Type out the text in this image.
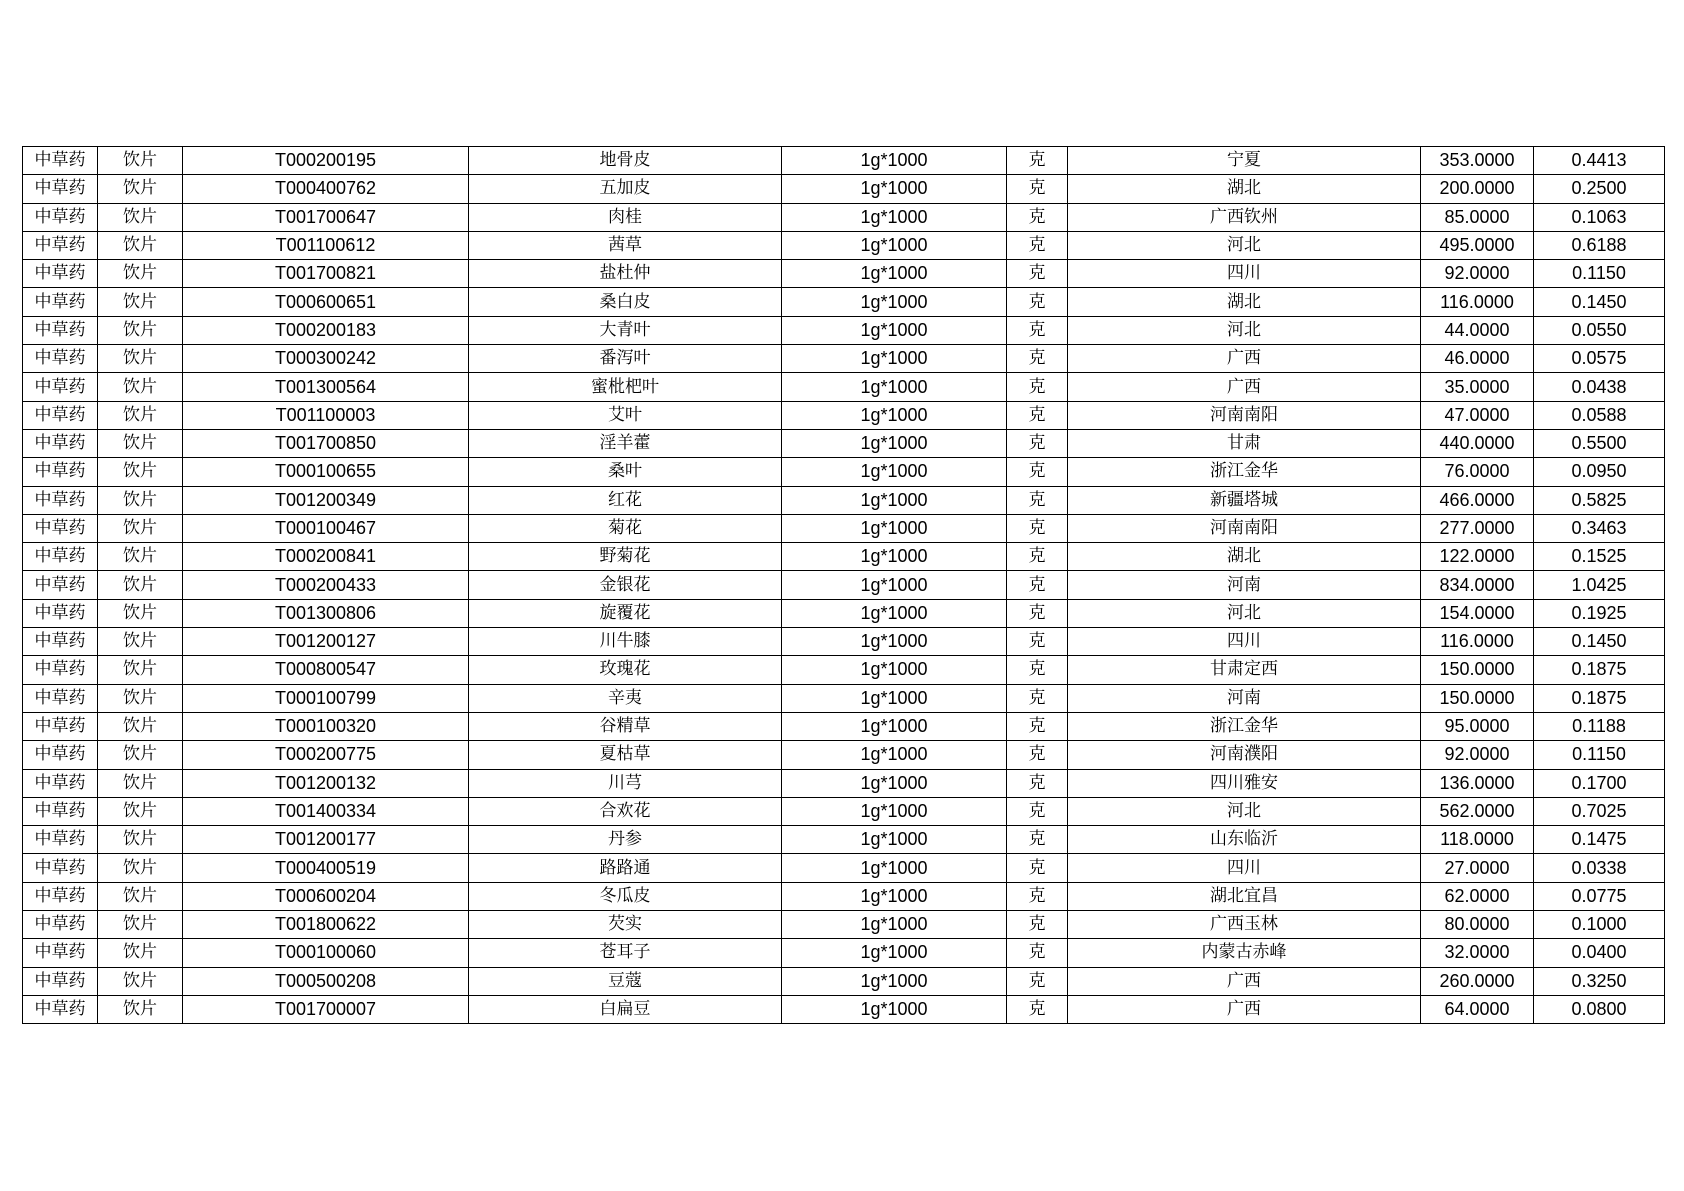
中草药	饮片	T000200195	地骨皮	1g*1000	克	宁夏	353.0000	0.4413
中草药	饮片	T000400762	五加皮	1g*1000	克	湖北	200.0000	0.2500
中草药	饮片	T001700647	肉桂	1g*1000	克	广西钦州	85.0000	0.1063
中草药	饮片	T001100612	茜草	1g*1000	克	河北	495.0000	0.6188
中草药	饮片	T001700821	盐杜仲	1g*1000	克	四川	92.0000	0.1150
中草药	饮片	T000600651	桑白皮	1g*1000	克	湖北	116.0000	0.1450
中草药	饮片	T000200183	大青叶	1g*1000	克	河北	44.0000	0.0550
中草药	饮片	T000300242	番泻叶	1g*1000	克	广西	46.0000	0.0575
中草药	饮片	T001300564	蜜枇杷叶	1g*1000	克	广西	35.0000	0.0438
中草药	饮片	T001100003	艾叶	1g*1000	克	河南南阳	47.0000	0.0588
中草药	饮片	T001700850	淫羊藿	1g*1000	克	甘肃	440.0000	0.5500
中草药	饮片	T000100655	桑叶	1g*1000	克	浙江金华	76.0000	0.0950
中草药	饮片	T001200349	红花	1g*1000	克	新疆塔城	466.0000	0.5825
中草药	饮片	T000100467	菊花	1g*1000	克	河南南阳	277.0000	0.3463
中草药	饮片	T000200841	野菊花	1g*1000	克	湖北	122.0000	0.1525
中草药	饮片	T000200433	金银花	1g*1000	克	河南	834.0000	1.0425
中草药	饮片	T001300806	旋覆花	1g*1000	克	河北	154.0000	0.1925
中草药	饮片	T001200127	川牛膝	1g*1000	克	四川	116.0000	0.1450
中草药	饮片	T000800547	玫瑰花	1g*1000	克	甘肃定西	150.0000	0.1875
中草药	饮片	T000100799	辛夷	1g*1000	克	河南	150.0000	0.1875
中草药	饮片	T000100320	谷精草	1g*1000	克	浙江金华	95.0000	0.1188
中草药	饮片	T000200775	夏枯草	1g*1000	克	河南濮阳	92.0000	0.1150
中草药	饮片	T001200132	川芎	1g*1000	克	四川雅安	136.0000	0.1700
中草药	饮片	T001400334	合欢花	1g*1000	克	河北	562.0000	0.7025
中草药	饮片	T001200177	丹参	1g*1000	克	山东临沂	118.0000	0.1475
中草药	饮片	T000400519	路路通	1g*1000	克	四川	27.0000	0.0338
中草药	饮片	T000600204	冬瓜皮	1g*1000	克	湖北宜昌	62.0000	0.0775
中草药	饮片	T001800622	芡实	1g*1000	克	广西玉林	80.0000	0.1000
中草药	饮片	T000100060	苍耳子	1g*1000	克	内蒙古赤峰	32.0000	0.0400
中草药	饮片	T000500208	豆蔻	1g*1000	克	广西	260.0000	0.3250
中草药	饮片	T001700007	白扁豆	1g*1000	克	广西	64.0000	0.0800
